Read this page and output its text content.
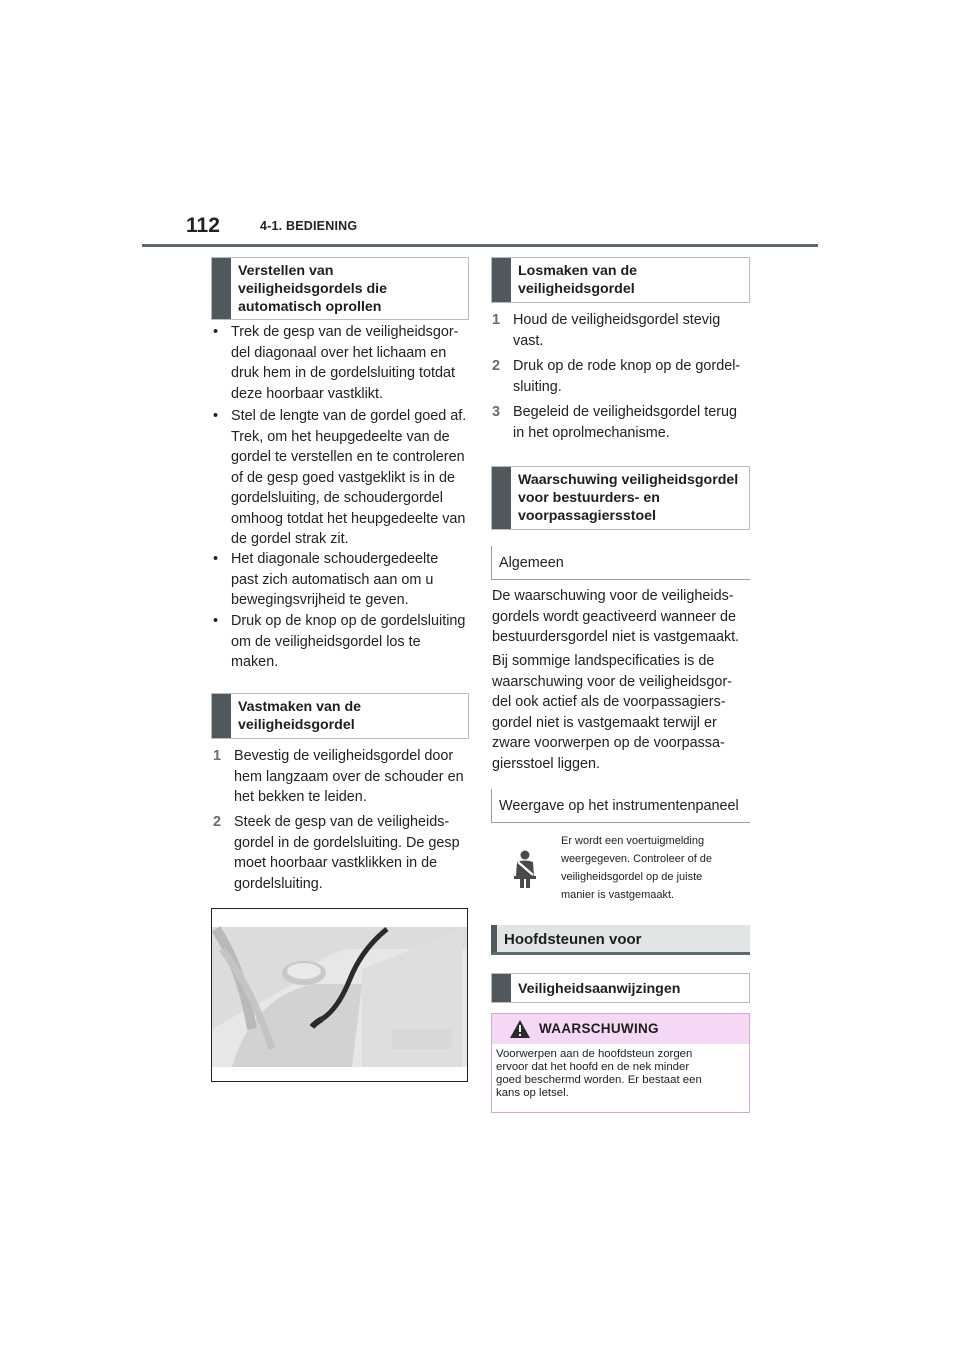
112	4-1. BEDIENING
Verstellen van
veiligheidsgordels die
automatisch oprollen
• Trek de gesp van de veiligheidsgor-
del diagonaal over het lichaam en
druk hem in de gordelsluiting totdat
deze hoorbaar vastklikt.
• Stel de lengte van de gordel goed af.
Trek, om het heupgedeelte van de
gordel te verstellen en te controleren
of de gesp goed vastgeklikt is in de
gordelsluiting, de schoudergordel
omhoog totdat het heupgedeelte van
de gordel strak zit.
• Het diagonale schoudergedeelte
past zich automatisch aan om u
bewegingsvrijheid te geven.
• Druk op de knop op de gordelsluiting
om de veiligheidsgordel los te
maken.
Vastmaken van de
veiligheidsgordel
1 Bevestig de veiligheidsgordel door
hem langzaam over de schouder en
het bekken te leiden.
2 Steek de gesp van de veiligheids-
gordel in de gordelsluiting. De gesp
moet hoorbaar vastklikken in de
gordelsluiting.
Losmaken van de
veiligheidsgordel
1 Houd de veiligheidsgordel stevig
vast.
2 Druk op de rode knop op de gordel-
sluiting.
3 Begeleid de veiligheidsgordel terug
in het oprolmechanisme.
Waarschuwing veiligheidsgordel
voor bestuurders- en
voorpassagiersstoel
Algemeen
De waarschuwing voor de veiligheids-
gordels wordt geactiveerd wanneer de
bestuurdersgordel niet is vastgemaakt.
Bij sommige landspecificaties is de
waarschuwing voor de veiligheidsgor-
del ook actief als de voorpassagiers-
gordel niet is vastgemaakt terwijl er
zware voorwerpen op de voorpassa-
giersstoel liggen.
Weergave op het instrumentenpaneel
Er wordt een voertuigmelding
weergegeven. Controleer of de
veiligheidsgordel op de juiste
manier is vastgemaakt.
Hoofdsteunen voor
Veiligheidsaanwijzingen
WAARSCHUWING
Voorwerpen aan de hoofdsteun zorgen
ervoor dat het hoofd en de nek minder
goed beschermd worden. Er bestaat een
kans op letsel.
